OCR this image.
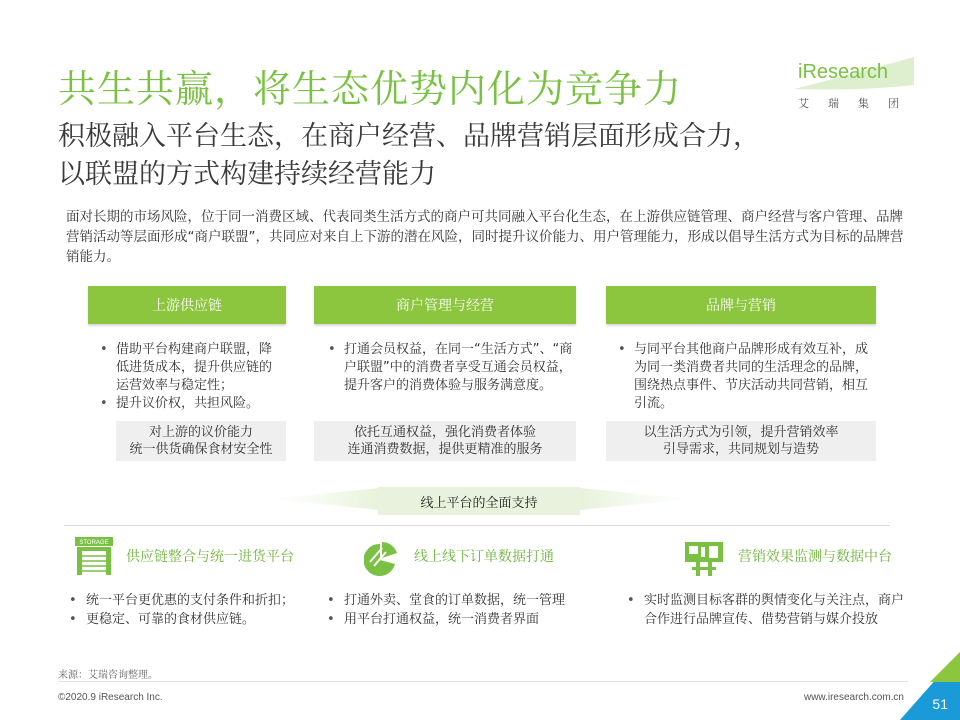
共生共赢，将生态优势内化为竞争力	iResearch
艾瑞集团
积极融入平台生态，在商户经营、品牌营销层面形成合力，
以联盟的方式构建持续经营能力
面对长期的市场风险，位于同一消费区域、代表同类生活方式的商户可共同融入平台化生态，在上游供应链管理、商户经营与客户管理、品牌营销活动等层面形成“商户联盟”，共同应对来自上下游的潜在风险，同时提升议价能力、用户管理能力，形成以倡导生活方式为目标的品牌营销能力。
上游供应链
• 借助平台构建商户联盟，降低进货成本，提升供应链的运营效率与稳定性；
• 提升议价权，共担风险。
对上游的议价能力
统一供货确保食材安全性
商户管理与经营
• 打通会员权益，在同一“生活方式”、“商户联盟”中的消费者享受互通会员权益，提升客户的消费体验与服务满意度。
依托互通权益，强化消费者体验
连通消费数据，提供更精准的服务
品牌与营销
• 与同平台其他商户品牌形成有效互补，成为同一类消费者共同的生活理念的品牌，围绕热点事件、节庆活动共同营销，相互引流。
以生活方式为引领，提升营销效率
引导需求，共同规划与造势
线上平台的全面支持
STORAGE
供应链整合与统一进货平台
• 统一平台更优惠的支付条件和折扣；
• 更稳定、可靠的食材供应链。
线上线下订单数据打通
• 打通外卖、堂食的订单数据，统一管理
• 用平台打通权益，统一消费者界面
营销效果监测与数据中台
• 实时监测目标客群的舆情变化与关注点，商户合作进行品牌宣传、借势营销与媒介投放
来源：艾瑞咨询整理。
©2020.9 iResearch Inc.	www.iresearch.com.cn 51
